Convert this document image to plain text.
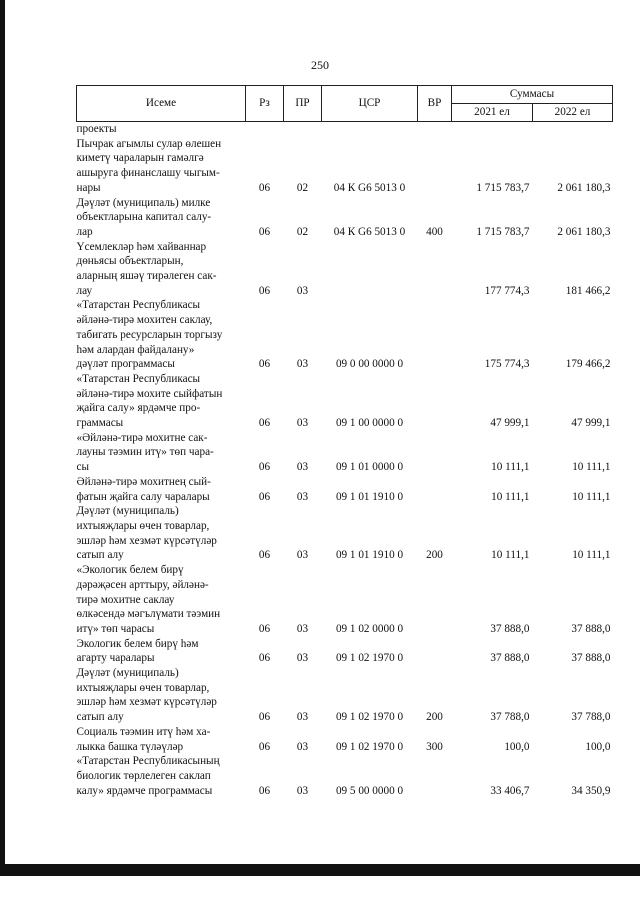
250
Исеме	Рз	ПР	ЦСР	ВР	Суммасы	
					2021 ел	2022 ел
проекты						
Пычрак агымлы сулар өлешен
киметү чараларын гамәлгә
ашыруга финанслашу чыгым-
нары	06	02	04 К G6 5013 0		1 715 783,7	2 061 180,3
Дәүләт (муниципаль) милке
объектларына капитал салу-
лар	06	02	04 К G6 5013 0	400	1 715 783,7	2 061 180,3
Үсемлекләр һәм хайваннар
дөньясы объектларын,
аларның яшәү тирәлеген сак-
лау	06	03			177 774,3	181 466,2
«Татарстан Республикасы
әйләнә-тирә мохитен саклау,
табигать ресурсларын торгызу
һәм алардан файдалану»
дәүләт программасы	06	03	09 0 00 0000 0		175 774,3	179 466,2
«Татарстан Республикасы
әйләнә-тирә мохите сыйфатын
җайга салу» ярдәмче про-
граммасы	06	03	09 1 00 0000 0		47 999,1	47 999,1
«Әйләнә-тирә мохитне сак-
лауны тәэмин итү» төп чара-
сы	06	03	09 1 01 0000 0		10 111,1	10 111,1
Әйләнә-тирә мохитнең сый-
фатын җайга салу чаралары	06	03	09 1 01 1910 0		10 111,1	10 111,1
Дәүләт (муниципаль)
ихтыяҗлары өчен товарлар,
эшләр һәм хезмәт күрсәтүләр
сатып алу	06	03	09 1 01 1910 0	200	10 111,1	10 111,1
«Экологик белем бирү
дәрәҗәсен арттыру, әйләнә-
тирә мохитне саклау
өлкәсендә мәгълүмати тәэмин
итү» төп чарасы	06	03	09 1 02 0000 0		37 888,0	37 888,0
Экологик белем бирү һәм
агарту чаралары	06	03	09 1 02 1970 0		37 888,0	37 888,0
Дәүләт (муниципаль)
ихтыяҗлары өчен товарлар,
эшләр һәм хезмәт күрсәтүләр
сатып алу	06	03	09 1 02 1970 0	200	37 788,0	37 788,0
Социаль тәэмин итү һәм ха-
лыкка башка түләүләр	06	03	09 1 02 1970 0	300	100,0	100,0
«Татарстан Республикасының
биологик төрлелеген саклап
калу» ярдәмче программасы	06	03	09 5 00 0000 0		33 406,7	34 350,9
